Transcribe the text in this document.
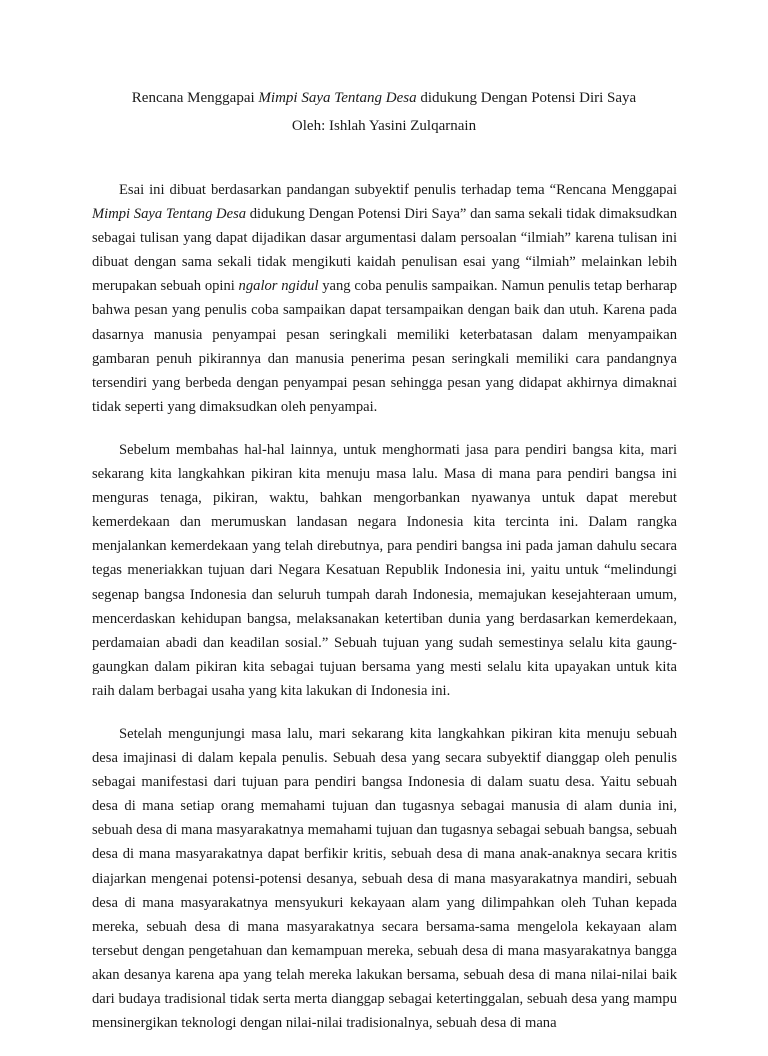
Rencana Menggapai Mimpi Saya Tentang Desa didukung Dengan Potensi Diri Saya
Oleh: Ishlah Yasini Zulqarnain

Esai ini dibuat berdasarkan pandangan subyektif penulis terhadap tema “Rencana Menggapai Mimpi Saya Tentang Desa didukung Dengan Potensi Diri Saya” dan sama sekali tidak dimaksudkan sebagai tulisan yang dapat dijadikan dasar argumentasi dalam persoalan “ilmiah” karena tulisan ini dibuat dengan sama sekali tidak mengikuti kaidah penulisan esai yang “ilmiah” melainkan lebih merupakan sebuah opini ngalor ngidul yang coba penulis sampaikan. Namun penulis tetap berharap bahwa pesan yang penulis coba sampaikan dapat tersampaikan dengan baik dan utuh. Karena pada dasarnya manusia penyampai pesan seringkali memiliki keterbatasan dalam menyampaikan gambaran penuh pikirannya dan manusia penerima pesan seringkali memiliki cara pandangnya tersendiri yang berbeda dengan penyampai pesan sehingga pesan yang didapat akhirnya dimaknai tidak seperti yang dimaksudkan oleh penyampai.

Sebelum membahas hal-hal lainnya, untuk menghormati jasa para pendiri bangsa kita, mari sekarang kita langkahkan pikiran kita menuju masa lalu. Masa di mana para pendiri bangsa ini menguras tenaga, pikiran, waktu, bahkan mengorbankan nyawanya untuk dapat merebut kemerdekaan dan merumuskan landasan negara Indonesia kita tercinta ini. Dalam rangka menjalankan kemerdekaan yang telah direbutnya, para pendiri bangsa ini pada jaman dahulu secara tegas meneriakkan tujuan dari Negara Kesatuan Republik Indonesia ini, yaitu untuk “melindungi segenap bangsa Indonesia dan seluruh tumpah darah Indonesia, memajukan kesejahteraan umum, mencerdaskan kehidupan bangsa, melaksanakan ketertiban dunia yang berdasarkan kemerdekaan, perdamaian abadi dan keadilan sosial.” Sebuah tujuan yang sudah semestinya selalu kita gaung-gaungkan dalam pikiran kita sebagai tujuan bersama yang mesti selalu kita upayakan untuk kita raih dalam berbagai usaha yang kita lakukan di Indonesia ini.

Setelah mengunjungi masa lalu, mari sekarang kita langkahkan pikiran kita menuju sebuah desa imajinasi di dalam kepala penulis. Sebuah desa yang secara subyektif dianggap oleh penulis sebagai manifestasi dari tujuan para pendiri bangsa Indonesia di dalam suatu desa. Yaitu sebuah desa di mana setiap orang memahami tujuan dan tugasnya sebagai manusia di alam dunia ini, sebuah desa di mana masyarakatnya memahami tujuan dan tugasnya sebagai sebuah bangsa, sebuah desa di mana masyarakatnya dapat berfikir kritis, sebuah desa di mana anak-anaknya secara kritis diajarkan mengenai potensi-potensi desanya, sebuah desa di mana masyarakatnya mandiri, sebuah desa di mana masyarakatnya mensyukuri kekayaan alam yang dilimpahkan oleh Tuhan kepada mereka, sebuah desa di mana masyarakatnya secara bersama-sama mengelola kekayaan alam tersebut dengan pengetahuan dan kemampuan mereka, sebuah desa di mana masyarakatnya bangga akan desanya karena apa yang telah mereka lakukan bersama, sebuah desa di mana nilai-nilai baik dari budaya tradisional tidak serta merta dianggap sebagai ketertinggalan, sebuah desa yang mampu mensinergikan teknologi dengan nilai-nilai tradisionalnya, sebuah desa di mana
